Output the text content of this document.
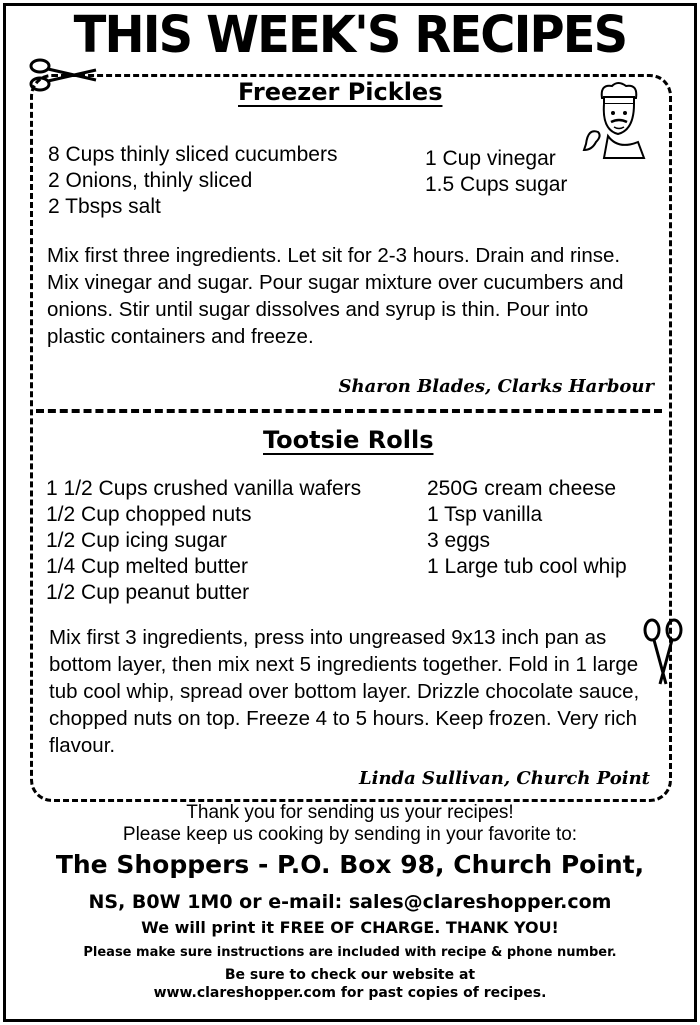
THIS WEEK'S RECIPES
Freezer Pickles
8 Cups thinly sliced cucumbers
2 Onions, thinly sliced
2 Tbsps salt
1 Cup vinegar
1.5 Cups sugar
Mix first three ingredients. Let sit for 2-3 hours. Drain and rinse. Mix vinegar and sugar. Pour sugar mixture over cucumbers and onions. Stir until sugar dissolves and syrup is thin. Pour into plastic containers and freeze.
Sharon Blades, Clarks Harbour
Tootsie Rolls
1 1/2 Cups crushed vanilla wafers
1/2 Cup chopped nuts
1/2 Cup icing sugar
1/4 Cup melted butter
1/2 Cup peanut butter
250G cream cheese
1 Tsp vanilla
3 eggs
1 Large tub cool whip
Mix first 3 ingredients, press into ungreased 9x13 inch pan as bottom layer, then mix next 5 ingredients together. Fold in 1 large tub cool whip, spread over bottom layer. Drizzle chocolate sauce, chopped nuts on top. Freeze 4 to 5 hours. Keep frozen. Very rich flavour.
Linda Sullivan, Church Point
Thank you for sending us your recipes!
Please keep us cooking by sending in your favorite to:
The Shoppers - P.O. Box 98, Church Point,
NS, B0W 1M0 or e-mail: sales@clareshopper.com
We will print it FREE OF CHARGE. THANK YOU!
Please make sure instructions are included with recipe & phone number.
Be sure to check our website at
www.clareshopper.com for past copies of recipes.
